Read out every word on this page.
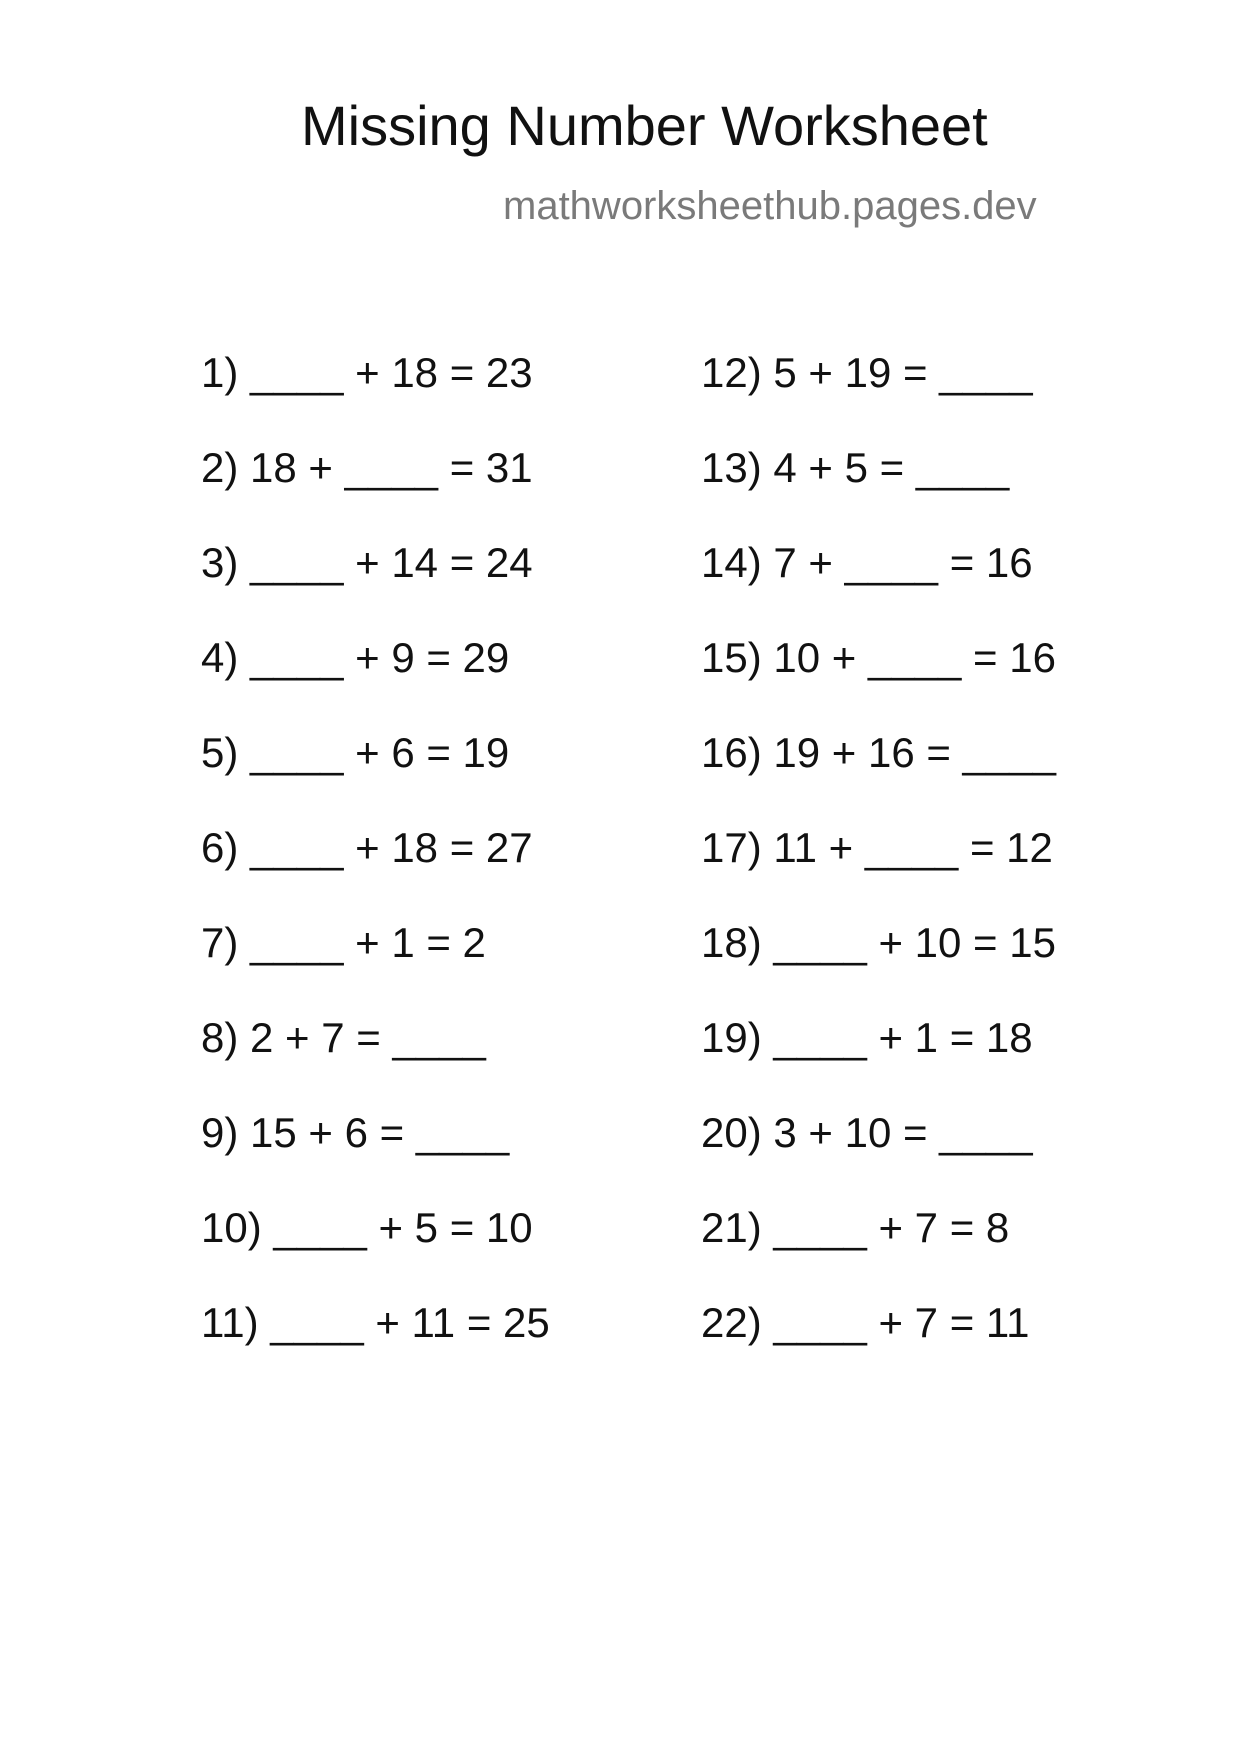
Missing Number Worksheet
mathworksheethub.pages.dev
1) ____ + 18 = 23
2) 18 + ____ = 31
3) ____ + 14 = 24
4) ____ + 9 = 29
5) ____ + 6 = 19
6) ____ + 18 = 27
7) ____ + 1 = 2
8) 2 + 7 = ____
9) 15 + 6 = ____
10) ____ + 5 = 10
11) ____ + 11 = 25
12) 5 + 19 = ____
13) 4 + 5 = ____
14) 7 + ____ = 16
15) 10 + ____ = 16
16) 19 + 16 = ____
17) 11 + ____ = 12
18) ____ + 10 = 15
19) ____ + 1 = 18
20) 3 + 10 = ____
21) ____ + 7 = 8
22) ____ + 7 = 11
